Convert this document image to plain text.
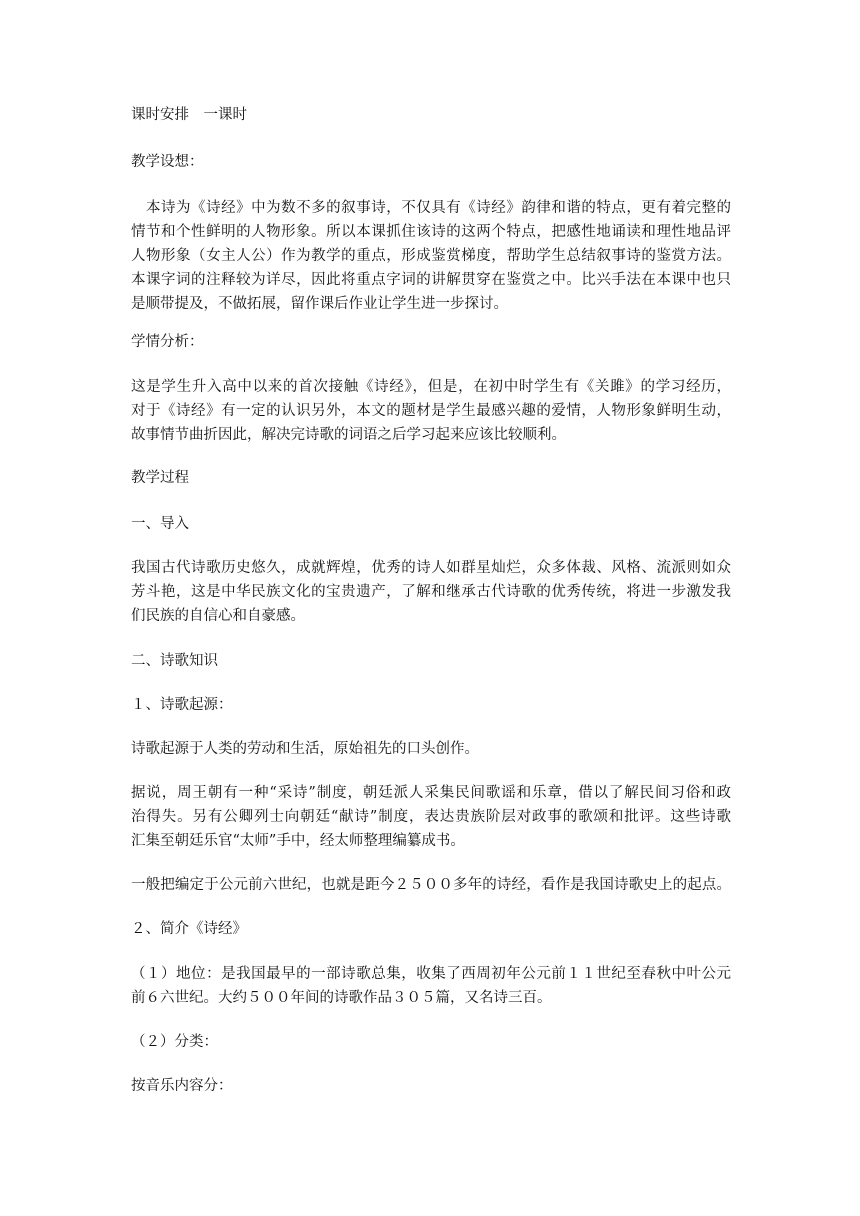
课时安排　一课时

教学设想：

　本诗为《诗经》中为数不多的叙事诗，不仅具有《诗经》韵律和谐的特点，更有着完整的

情节和个性鲜明的人物形象。所以本课抓住该诗的这两个特点，把感性地诵读和理性地品评

人物形象（女主人公）作为教学的重点，形成鉴赏梯度，帮助学生总结叙事诗的鉴赏方法。

本课字词的注释较为详尽，因此将重点字词的讲解贯穿在鉴赏之中。比兴手法在本课中也只

是顺带提及，不做拓展，留作课后作业让学生进一步探讨。

学情分析：

这是学生升入高中以来的首次接触《诗经》，但是，在初中时学生有《关雎》的学习经历，

对于《诗经》有一定的认识另外，本文的题材是学生最感兴趣的爱情，人物形象鲜明生动，

故事情节曲折因此，解决完诗歌的词语之后学习起来应该比较顺利。

教学过程

一、导入

我国古代诗歌历史悠久，成就辉煌，优秀的诗人如群星灿烂，众多体裁、风格、流派则如众

芳斗艳，这是中华民族文化的宝贵遗产，了解和继承古代诗歌的优秀传统，将进一步激发我

们民族的自信心和自豪感。

二、诗歌知识

１、诗歌起源：

诗歌起源于人类的劳动和生活，原始祖先的口头创作。

据说，周王朝有一种“采诗”制度，朝廷派人采集民间歌谣和乐章，借以了解民间习俗和政

治得失。另有公卿列士向朝廷“献诗”制度，表达贵族阶层对政事的歌颂和批评。这些诗歌

汇集至朝廷乐官“太师”手中，经太师整理编纂成书。

一般把编定于公元前六世纪，也就是距今２５００多年的诗经，看作是我国诗歌史上的起点。

２、简介《诗经》

（１）地位：是我国最早的一部诗歌总集，收集了西周初年公元前１１世纪至春秋中叶公元

前６六世纪。大约５００年间的诗歌作品３０５篇，又名诗三百。

（２）分类：

按音乐内容分：
